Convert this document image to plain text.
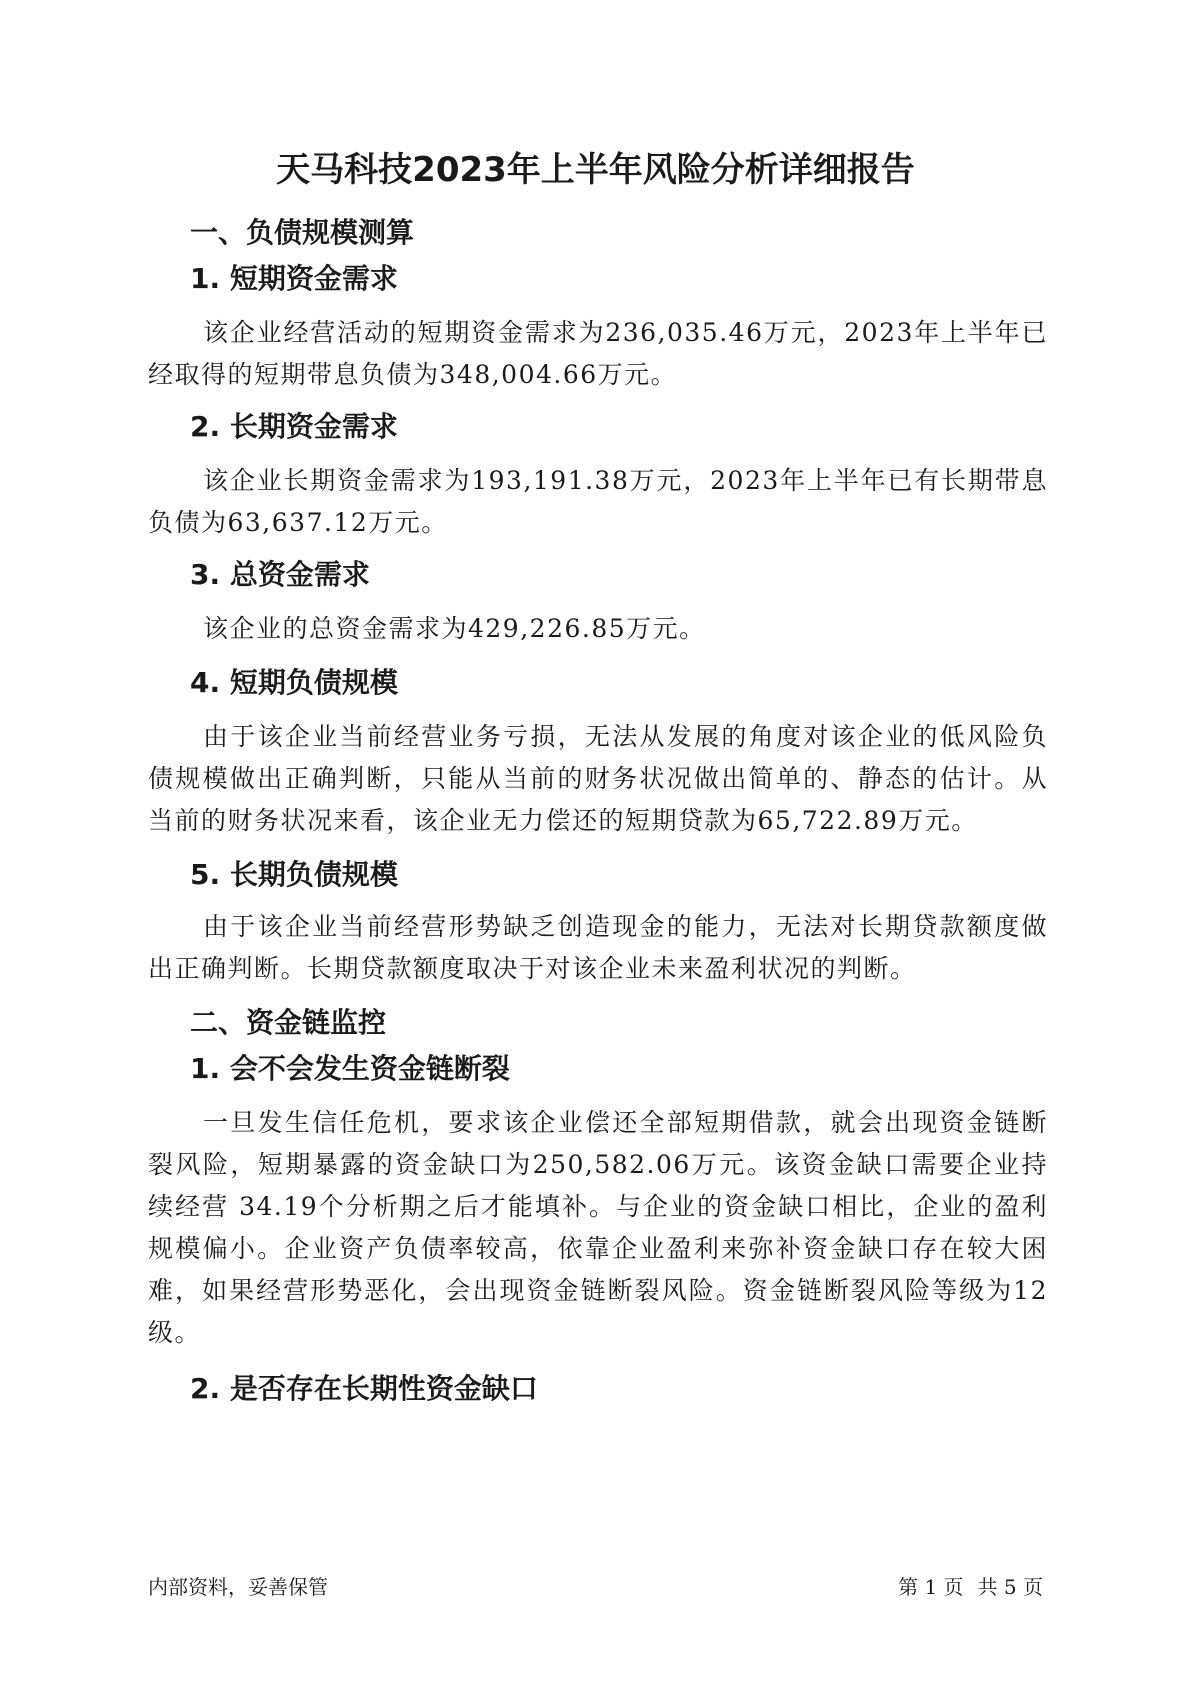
天马科技2023年上半年风险分析详细报告
一、负债规模测算
1. 短期资金需求

该企业经营活动的短期资金需求为236,035.46万元，2023年上半年已经取得的短期带息负债为348,004.66万元。

2. 长期资金需求

该企业长期资金需求为193,191.38万元，2023年上半年已有长期带息负债为63,637.12万元。

3. 总资金需求

该企业的总资金需求为429,226.85万元。

4. 短期负债规模

由于该企业当前经营业务亏损，无法从发展的角度对该企业的低风险负债规模做出正确判断，只能从当前的财务状况做出简单的、静态的估计。从当前的财务状况来看，该企业无力偿还的短期贷款为65,722.89万元。

5. 长期负债规模

由于该企业当前经营形势缺乏创造现金的能力，无法对长期贷款额度做出正确判断。长期贷款额度取决于对该企业未来盈利状况的判断。

二、资金链监控
1. 会不会发生资金链断裂

一旦发生信任危机，要求该企业偿还全部短期借款，就会出现资金链断裂风险，短期暴露的资金缺口为250,582.06万元。该资金缺口需要企业持续经营 34.19个分析期之后才能填补。与企业的资金缺口相比，企业的盈利规模偏小。企业资产负债率较高，依靠企业盈利来弥补资金缺口存在较大困难，如果经营形势恶化，会出现资金链断裂风险。资金链断裂风险等级为12级。

2. 是否存在长期性资金缺口
内部资料，妥善保管	第 1 页 共 5 页
